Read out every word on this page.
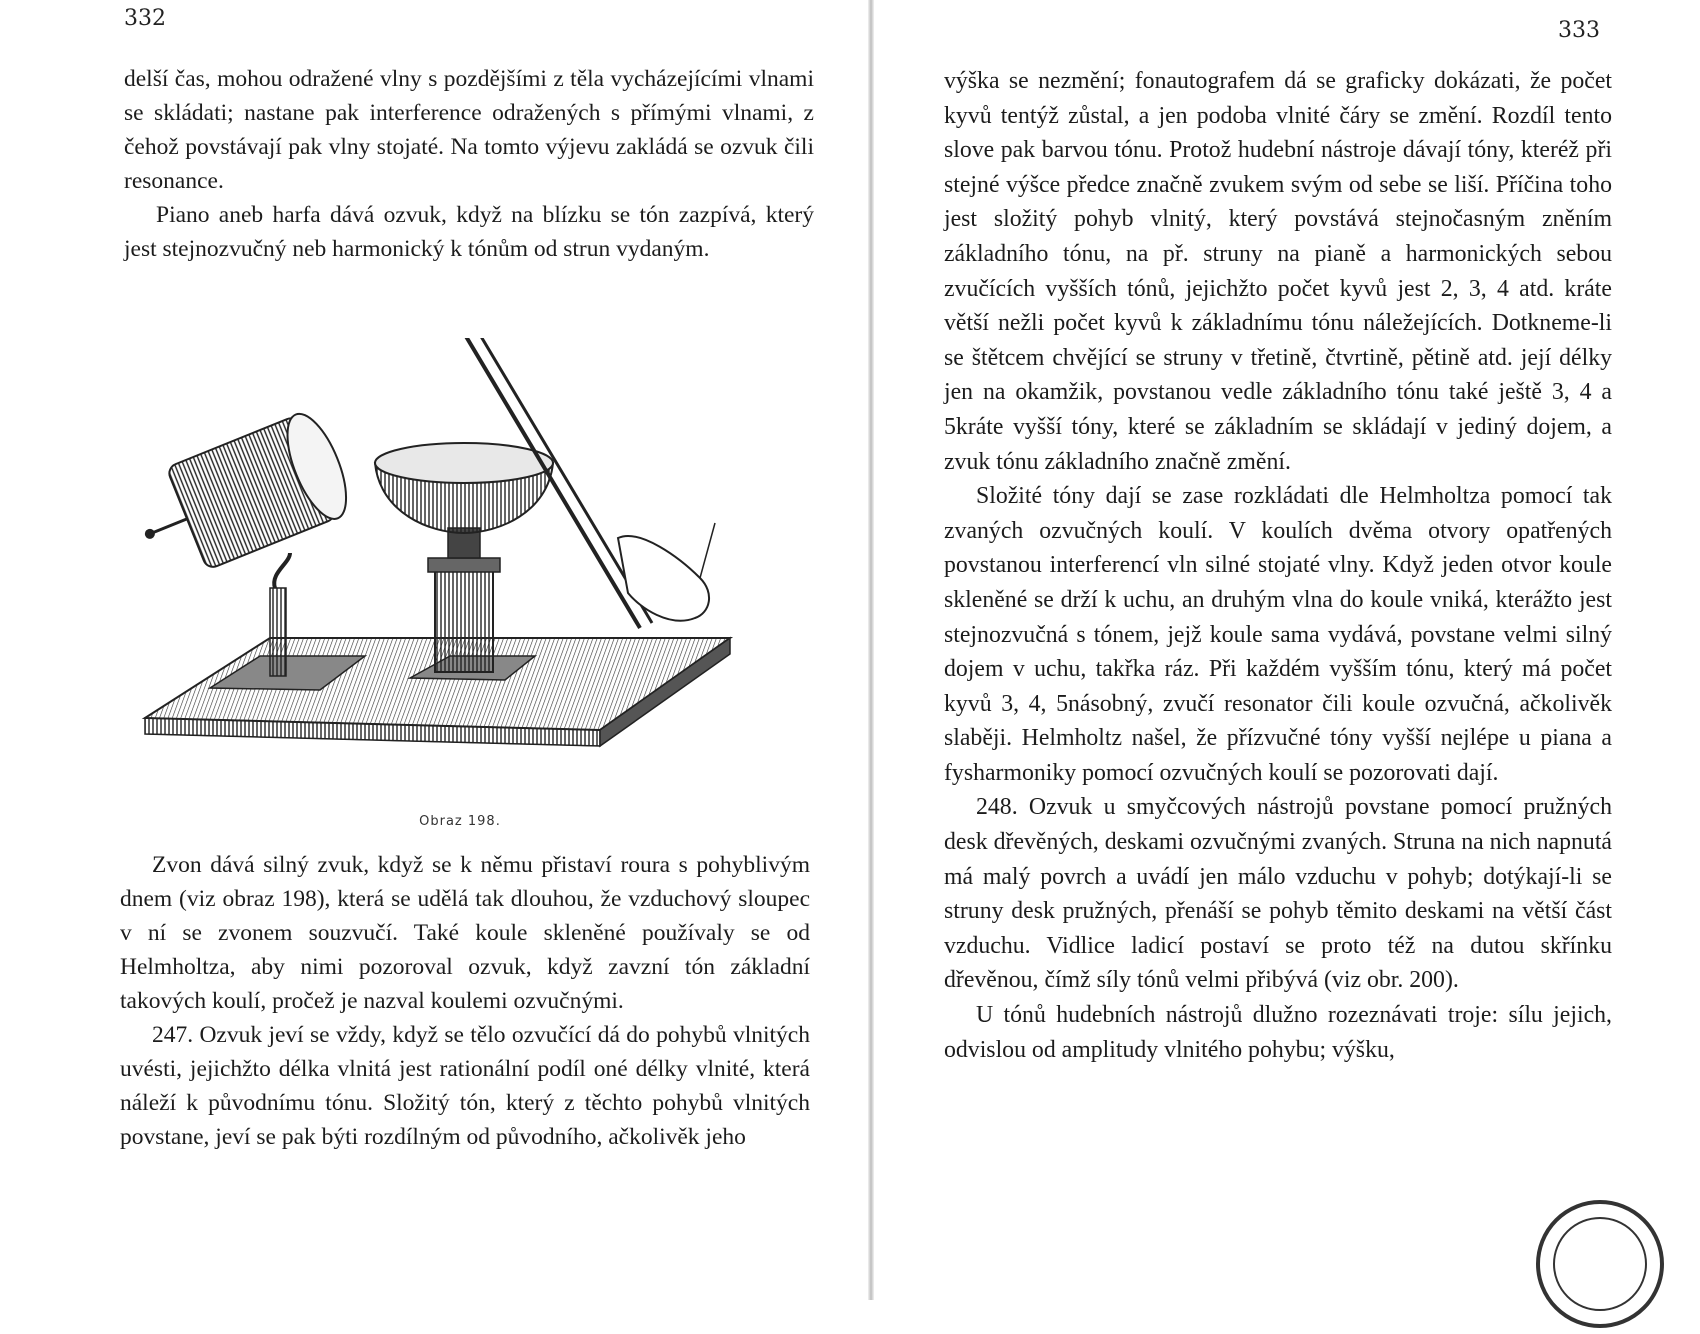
332

delší čas, mohou odražené vlny s pozdějšími z těla vycházejícími vlnami se skládati; nastane pak interference odražených s přímými vlnami, z čehož povstávají pak vlny stojaté. Na tomto výjevu zakládá se ozvuk čili resonance.

Piano aneb harfa dává ozvuk, když na blízku se tón zazpívá, který jest stejnozvučný neb harmonický k tónům od strun vydaným.

Obraz 198.

Zvon dává silný zvuk, když se k němu přistaví roura s pohyblivým dnem (viz obraz 198), která se udělá tak dlouhou, že vzduchový sloupec v ní se zvonem souzvučí. Také koule skleněné používaly se od Helmholtza, aby nimi pozoroval ozvuk, když zavzní tón základní takových koulí, pročež je nazval koulemi ozvučnými.

247. Ozvuk jeví se vždy, když se tělo ozvučící dá do pohybů vlnitých uvésti, jejichžto délka vlnitá jest rationální podíl oné délky vlnité, která náleží k původnímu tónu. Složitý tón, který z těchto pohybů vlnitých povstane, jeví se pak býti rozdílným od původního, ačkolivěk jeho

333

výška se nezmění; fonautografem dá se graficky dokázati, že počet kyvů tentýž zůstal, a jen podoba vlnité čáry se změní. Rozdíl tento slove pak barvou tónu. Protož hudební nástroje dávají tóny, kteréž při stejné výšce předce značně zvukem svým od sebe se liší. Příčina toho jest složitý pohyb vlnitý, který povstává stejnočasným zněním základního tónu, na př. struny na pianě a harmonických sebou zvučících vyšších tónů, jejichžto počet kyvů jest 2, 3, 4 atd. kráte větší nežli počet kyvů k základnímu tónu náležejících. Dotkneme-li se štětcem chvějící se struny v třetině, čtvrtině, pětině atd. její délky jen na okamžik, povstanou vedle základního tónu také ještě 3, 4 a 5kráte vyšší tóny, které se základním se skládají v jediný dojem, a zvuk tónu základního značně změní.

Složité tóny dají se zase rozkládati dle Helmholtza pomocí tak zvaných ozvučných koulí. V koulích dvěma otvory opatřených povstanou interferencí vln silné stojaté vlny. Když jeden otvor koule skleněné se drží k uchu, an druhým vlna do koule vniká, kterážto jest stejnozvučná s tónem, jejž koule sama vydává, povstane velmi silný dojem v uchu, takřka ráz. Při každém vyšším tónu, který má počet kyvů 3, 4, 5násobný, zvučí resonator čili koule ozvučná, ačkolivěk slaběji. Helmholtz našel, že přízvučné tóny vyšší nejlépe u piana a fysharmoniky pomocí ozvučných koulí se pozorovati dají.

248. Ozvuk u smyčcových nástrojů povstane pomocí pružných desk dřevěných, deskami ozvučnými zvaných. Struna na nich napnutá má malý povrch a uvádí jen málo vzduchu v pohyb; dotýkají-li se struny desk pružných, přenáší se pohyb těmito deskami na větší část vzduchu. Vidlice ladicí postaví se proto též na dutou skřínku dřevěnou, čímž síly tónů velmi přibývá (viz obr. 200).

U tónů hudebních nástrojů dlužno rozeznávati troje: sílu jejich, odvislou od amplitudy vlnitého pohybu; výšku,
